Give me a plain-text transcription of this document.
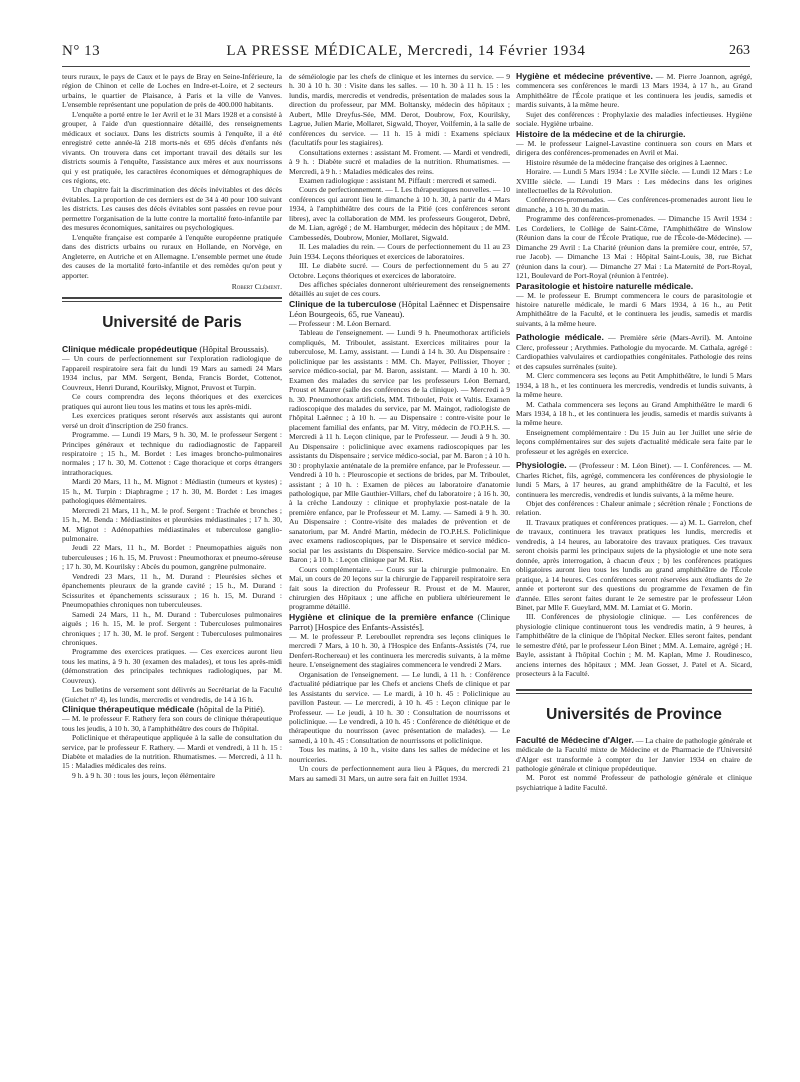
N° 13	LA PRESSE MÉDICALE, Mercredi, 14 Février 1934	263

teurs ruraux, le pays de Caux et le pays de Bray en Seine-Inférieure, la région de Chinon et celle de Loches en Indre-et-Loire, et 2 secteurs urbains, le quartier de Plaisance, à Paris et la ville de Vanves. L'ensemble représentant une population de près de 400.000 habitants.

L'enquête a porté entre le 1er Avril et le 31 Mars 1928 et a consisté à grouper, à l'aide d'un questionnaire détaillé, des renseignements médicaux et sociaux. Dans les districts soumis à l'enquête, il a été enregistré cette année-là 218 morts-nés et 695 décès d'enfants nés vivants. On trouvera dans cet important travail des détails sur les districts soumis à l'enquête, l'assistance aux mères et aux nourrissons qui y est pratiquée, les caractères économiques et démographiques de ces régions, etc.

Un chapitre fait la discrimination des décès inévitables et des décès évitables. La proportion de ces derniers est de 34 à 40 pour 100 suivant les districts. Les causes des décès évitables sont passées en revue pour permettre l'organisation de la lutte contre la mortalité fœto-infantile par des mesures économiques, sanitaires ou psychologiques.

L'enquête française est comparée à l'enquête européenne pratiquée dans des districts urbains ou ruraux en Hollande, en Norvège, en Angleterre, en Autriche et en Allemagne. L'ensemble permet une étude des causes de la mortalité fœto-infantile et des remèdes qu'on peut y apporter.

Robert Clément.

Université de Paris

Clinique médicale propédeutique (Hôpital Broussais).

— Un cours de perfectionnement sur l'exploration radiologique de l'appareil respiratoire sera fait du lundi 19 Mars au samedi 24 Mars 1934 inclus, par MM. Sergent, Benda, Francis Bordet, Cottenot, Couvreux, Henri Durand, Kourilsky, Mignot, Pruvost et Turpin.

Ce cours comprendra des leçons théoriques et des exercices pratiques qui auront lieu tous les matins et tous les après-midi.

Les exercices pratiques seront réservés aux assistants qui auront versé un droit d'inscription de 250 francs.

Programme. — Lundi 19 Mars, 9 h. 30, M. le professeur Sergent : Principes généraux et technique du radiodiagnostic de l'appareil respiratoire ; 15 h., M. Bordet : Les images broncho-pulmonaires normales ; 17 h. 30, M. Cottenot : Cage thoracique et corps étrangers intrathoraciques.

Mardi 20 Mars, 11 h., M. Mignot : Médiastin (tumeurs et kystes) ; 15 h., M. Turpin : Diaphragme ; 17 h. 30, M. Bordet : Les images pathologiques élémentaires.

Mercredi 21 Mars, 11 h., M. le prof. Sergent : Trachée et bronches ; 15 h., M. Benda : Médiastinites et pleurésies médiastinales ; 17 h. 30, M. Mignot : Adénopathies médiastinales et tuberculose ganglio-pulmonaire.

Jeudi 22 Mars, 11 h., M. Bordet : Pneumopathies aiguës non tuberculeuses ; 16 h. 15, M. Pruvost : Pneumothorax et pneumo-séreuse ; 17 h. 30, M. Kourilsky : Abcès du poumon, gangrène pulmonaire.

Vendredi 23 Mars, 11 h., M. Durand : Pleurésies sèches et épanchements pleuraux de la grande cavité ; 15 h., M. Durand : Scissurites et épanchements scissuraux ; 16 h. 15, M. Durand : Pneumopathies chroniques non tuberculeuses.

Samedi 24 Mars, 11 h., M. Durand : Tuberculoses pulmonaires aiguës ; 16 h. 15, M. le prof. Sergent : Tuberculoses pulmonaires chroniques ; 17 h. 30, M. le prof. Sergent : Tuberculoses pulmonaires chroniques.

Programme des exercices pratiques. — Ces exercices auront lieu tous les matins, à 9 h. 30 (examen des malades), et tous les après-midi (démonstration des principales techniques radiologiques, par M. Couvreux).

Les bulletins de versement sont délivrés au Secrétariat de la Faculté (Guichet n° 4), les lundis, mercredis et vendredis, de 14 à 16 h.

Clinique thérapeutique médicale (hôpital de la Pitié).

— M. le professeur F. Rathery fera son cours de clinique thérapeutique tous les jeudis, à 10 h. 30, à l'amphithéâtre des cours de l'hôpital.

Policlinique et thérapeutique appliquée à la salle de consultation du service, par le professeur F. Rathery. — Mardi et vendredi, à 11 h. 15 : Diabète et maladies de la nutrition. Rhumatismes. — Mercredi, à 11 h. 15 : Maladies médicales des reins.

9 h. à 9 h. 30 : tous les jours, leçon élémentaire

de séméiologie par les chefs de clinique et les internes du service. — 9 h. 30 à 10 h. 30 : Visite dans les salles. — 10 h. 30 à 11 h. 15 : les lundis, mardis, mercredis et vendredis, présentation de malades sous la direction du professeur, par MM. Boltansky, médecin des hôpitaux ; Aubert, Mlle Dreyfus-Sée, MM. Derot, Doubrow, Fox, Kourilsky, Lagrue, Julien Marie, Mollaret, Sigwald, Thoyer, Voilfemin, à la salle de conférences du service. — 11 h. 15 à midi : Examens spéciaux (facultatifs pour les stagiaires).

Consultations externes : assistant M. Froment. — Mardi et vendredi, à 9 h. : Diabète sucré et maladies de la nutrition. Rhumatismes. — Mercredi, à 9 h. : Maladies médicales des reins.

Examen radiologique : assistant M. Piffault : mercredi et samedi.

Cours de perfectionnement. — I. Les thérapeutiques nouvelles. — 10 conférences qui auront lieu le dimanche à 10 h. 30, à partir du 4 Mars 1934, à l'amphithéâtre des cours de la Pitié (ces conférences seront libres), avec la collaboration de MM. les professeurs Gougerot, Debré, de M. Lian, agrégé ; de M. Hamburger, médecin des hôpitaux ; de MM. Cambessedès, Doubrow, Monier, Mollaret, Sigwald.

II. Les maladies du rein. — Cours de perfectionnement du 11 au 23 Juin 1934. Leçons théoriques et exercices de laboratoires.

III. Le diabète sucré. — Cours de perfectionnement du 5 au 27 Octobre. Leçons théoriques et exercices de laboratoire.

Des affiches spéciales donneront ultérieurement des renseignements détaillés au sujet de ces cours.

Clinique de la tuberculose (Hôpital Laënnec et Dispensaire Léon Bourgeois, 65, rue Vaneau).

— Professeur : M. Léon Bernard.

Tableau de l'enseignement. — Lundi 9 h. Pneumothorax artificiels compliqués, M. Triboulet, assistant. Exercices militaires pour la tuberculose, M. Lamy, assistant. — Lundi à 14 h. 30. Au Dispensaire : policlinique par les assistants : MM. Ch. Mayer, Pellissier, Thoyer ; service médico-social, par M. Baron, assistant. — Mardi à 10 h. 30. Examen des malades du service par les professeurs Léon Bernard, Proust et Maurer (salle des conférences de la clinique). — Mercredi à 9 h. 30. Pneumothorax artificiels, MM. Triboulet, Poix et Valtis. Examen radioscopique des malades du service, par M. Maingot, radiologiste de l'hôpital Laënnec ; à 10 h. — au Dispensaire : contre-visite pour le placement familial des enfants, par M. Vitry, médecin de l'O.P.H.S. — Mercredi à 11 h. Leçon clinique, par le Professeur. — Jeudi à 9 h. 30. Au Dispensaire : policlinique avec examens radioscopiques par les assistants du Dispensaire ; service médico-social, par M. Baron ; à 10 h. 30 : prophylaxie anténatale de la première enfance, par le Professeur. — Vendredi à 10 h. : Pleuroscopie et sections de brides, par M. Triboulet, assistant ; à 10 h. : Examen de pièces au laboratoire d'anatomie pathologique, par Mlle Gauthier-Villars, chef du laboratoire ; à 16 h. 30, à la crèche Landouzy : clinique et prophylaxie post-natale de la première enfance, par le Professeur et M. Lamy. — Samedi à 9 h. 30. Au Dispensaire : Contre-visite des malades de prévention et de sanatorium, par M. André Martin, médecin de l'O.P.H.S. Policlinique avec examens radioscopiques, par le Dispensaire et service médico-social par les assistants du Dispensaire. Service médico-social par M. Baron ; à 10 h. : Leçon clinique par M. Rist.

Cours complémentaire. — Cours sur la chirurgie pulmonaire. En Mai, un cours de 20 leçons sur la chirurgie de l'appareil respiratoire sera fait sous la direction du Professeur R. Proust et de M. Maurer, chirurgien des Hôpitaux ; une affiche en publiera ultérieurement le programme détaillé.

Hygiène et clinique de la première enfance (Clinique Parrot) [Hospice des Enfants-Assistés].

— M. le professeur P. Lereboullet reprendra ses leçons cliniques le mercredi 7 Mars, à 10 h. 30, à l'Hospice des Enfants-Assistés (74, rue Denfert-Rochereau) et les continuera les mercredis suivants, à la même heure. L'enseignement des stagiaires commencera le vendredi 2 Mars.

Organisation de l'enseignement. — Le lundi, à 11 h. : Conférence d'actualité pédiatrique par les Chefs et anciens Chefs de clinique et par les Assistants du service. — Le mardi, à 10 h. 45 : Policlinique au pavillon Pasteur. — Le mercredi, à 10 h. 45 : Leçon clinique par le Professeur. — Le jeudi, à 10 h. 30 : Consultation de nourrissons et policlinique. — Le vendredi, à 10 h. 45 : Conférence de diététique et de thérapeutique du nourrisson (avec présentation de malades). — Le samedi, à 10 h. 45 : Consultation de nourrissons et policlinique.

Tous les matins, à 10 h., visite dans les salles de médecine et les nourriceries.

Un cours de perfectionnement aura lieu à Pâques, du mercredi 21 Mars au samedi 31 Mars, un autre sera fait en Juillet 1934.

Hygiène et médecine préventive. — M. Pierre Joannon, agrégé, commencera ses conférences le mardi 13 Mars 1934, à 17 h., au Grand Amphithéâtre de l'École pratique et les continuera les jeudis, samedis et mardis suivants, à la même heure.

Sujet des conférences : Prophylaxie des maladies infectieuses. Hygiène sociale. Hygiène urbaine.

Histoire de la médecine et de la chirurgie.

— M. le professeur Laignel-Lavastine continuera son cours en Mars et dirigera des conférences-promenades en Avril et Mai.

Histoire résumée de la médecine française des origines à Laennec.

Horaire. — Lundi 5 Mars 1934 : Le XVIIe siècle. — Lundi 12 Mars : Le XVIIIe siècle. — Lundi 19 Mars : Les médecins dans les origines intellectuelles de la Révolution.

Conférences-promenades. — Ces conférences-promenades auront lieu le dimanche, à 10 h. 30 du matin.

Programme des conférences-promenades. — Dimanche 15 Avril 1934 : Les Cordeliers, le Collège de Saint-Côme, l'Amphithéâtre de Winslow (Réunion dans la cour de l'École Pratique, rue de l'École-de-Médecine). — Dimanche 29 Avril : La Charité (réunion dans la première cour, entrée, 57, rue Jacob). — Dimanche 13 Mai : Hôpital Saint-Louis, 38, rue Bichat (réunion dans la cour). — Dimanche 27 Mai : La Maternité de Port-Royal, 121, Boulevard de Port-Royal (réunion à l'entrée).

Parasitologie et histoire naturelle médicale.

— M. le professeur E. Brumpt commencera le cours de parasitologie et histoire naturelle médicale, le mardi 6 Mars 1934, à 16 h., au Petit Amphithéâtre de la Faculté, et le continuera les jeudis, samedis et mardis suivants, à la même heure.

Pathologie médicale. — Première série (Mars-Avril). M. Antoine Clerc, professeur ; Arythmies. Pathologie du myocarde. M. Cathala, agrégé : Cardiopathies valvulaires et cardiopathies congénitales. Pathologie des reins et des capsules surrénales (suite).

M. Clerc commencera ses leçons au Petit Amphithéâtre, le lundi 5 Mars 1934, à 18 h., et les continuera les mercredis, vendredis et lundis suivants, à la même heure.

M. Cathala commencera ses leçons au Grand Amphithéâtre le mardi 6 Mars 1934, à 18 h., et les continuera les jeudis, samedis et mardis suivants à la même heure.

Enseignement complémentaire : Du 15 Juin au 1er Juillet une série de leçons complémentaires sur des sujets d'actualité médicale sera faite par le professeur et les agrégés en exercice.

Physiologie. — (Professeur : M. Léon Binet). — I. Conférences. — M. Charles Richet, fils, agrégé, commencera les conférences de physiologie le lundi 5 Mars, à 17 heures, au grand amphithéâtre de la Faculté, et les continuera les mercredis, vendredis et lundis suivants, à la même heure.

Objet des conférences : Chaleur animale ; sécrétion rénale ; Fonctions de relation.

II. Travaux pratiques et conférences pratiques. — a) M. L. Garrelon, chef de travaux, continuera les travaux pratiques les lundis, mercredis et vendredis, à 14 heures, au laboratoire des travaux pratiques. Ces travaux seront choisis parmi les principaux sujets de la physiologie et une note sera donnée, après interrogation, à chacun d'eux ; b) les conférences pratiques obligatoires auront lieu tous les lundis au grand amphithéâtre de l'École pratique, à 14 heures. Ces conférences seront réservées aux étudiants de 2e année et porteront sur des questions du programme de l'examen de fin d'année. Elles seront faites durant le 2e semestre par le professeur Léon Binet, par Mlle F. Gueylard, MM. M. Lamiat et G. Morin.

III. Conférences de physiologie clinique. — Les conférences de physiologie clinique continueront tous les vendredis matin, à 9 heures, à l'amphithéâtre de la clinique de l'hôpital Necker. Elles seront faites, pendant le semestre d'été, par le professeur Léon Binet ; MM. A. Lemaire, agrégé ; H. Bayle, assistant à l'hôpital Cochin ; M. M. Kaplan, Mme J. Roudinesco, anciens internes des hôpitaux ; MM. Jean Gosset, J. Patel et A. Sicard, prosecteurs à la Faculté.

Universités de Province

Faculté de Médecine d'Alger. — La chaire de pathologie générale et médicale de la Faculté mixte de Médecine et de Pharmacie de l'Université d'Alger est transformée à compter du 1er Janvier 1934 en chaire de pathologie générale et clinique propédeutique.

M. Porot est nommé Professeur de pathologie générale et clinique psychiatrique à ladite Faculté.
